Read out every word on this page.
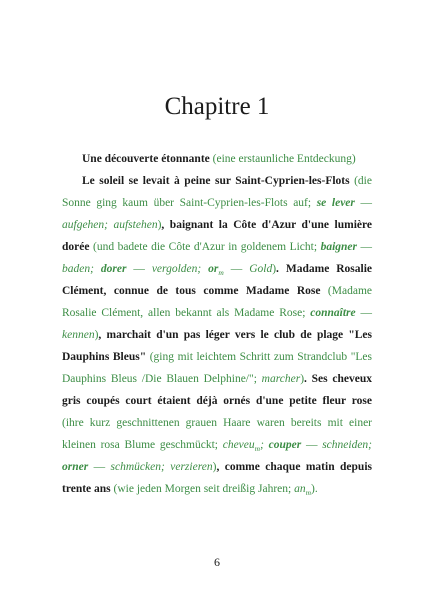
Chapitre 1
Une découverte étonnante (eine erstaunliche Entdeckung)
Le soleil se levait à peine sur Saint-Cyprien-les-Flots (die
Sonne ging kaum über Saint-Cyprien-les-Flots auf; se lever —
aufgehen; aufstehen), baignant la Côte d'Azur d'une lumière
dorée (und badete die Côte d'Azur in goldenem Licht; baigner —
baden; dorer — vergolden; $or_m$ — Gold). Madame Rosalie
Clément, connue de tous comme Madame Rose (Madame
Rosalie Clément, allen bekannt als Madame Rose; connaître —
kennen), marchait d'un pas léger vers le club de plage "Les
Dauphins Bleus" (ging mit leichtem Schritt zum Strandclub "Les
Dauphins Bleus /Die Blauen Delphine/"; marcher). Ses cheveux
gris coupés court étaient déjà ornés d'une petite fleur rose
(ihre kurz geschnittenen grauen Haare waren bereits mit einer
kleinen rosa Blume geschmückt; cheveu$_m$; couper — schneiden;
orner — schmücken; verzieren), comme chaque matin depuis
trente ans (wie jeden Morgen seit dreißig Jahren; $an_m$).
6
